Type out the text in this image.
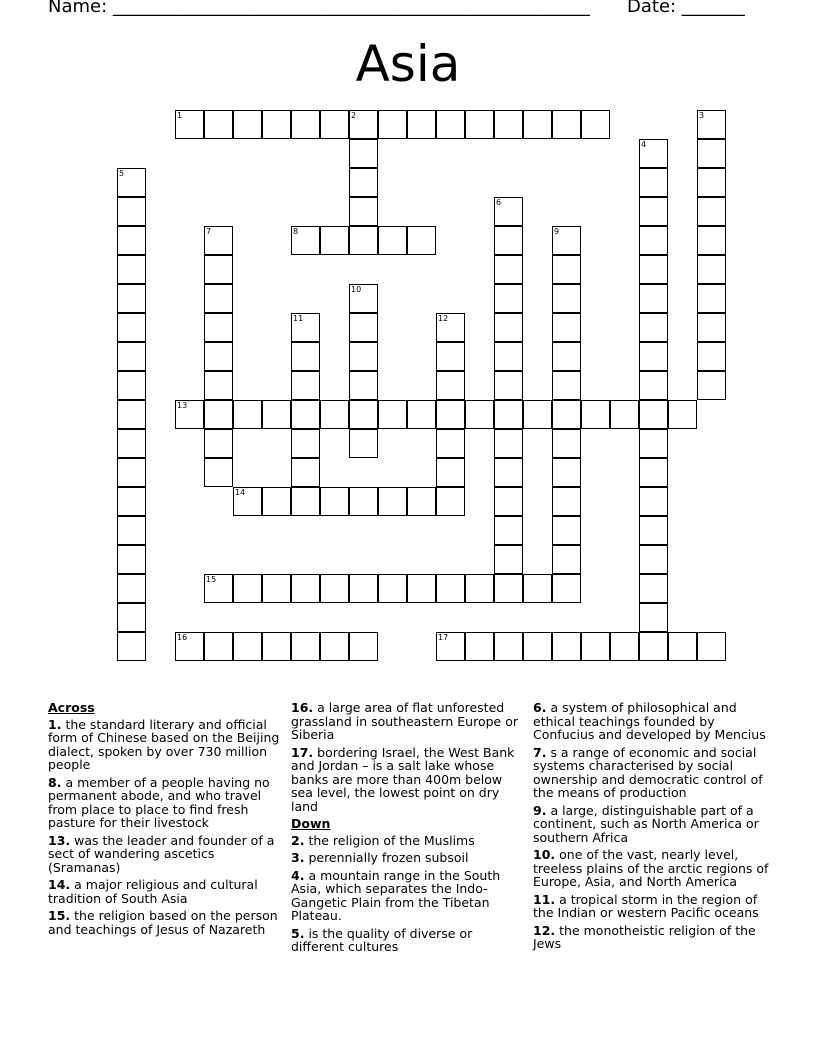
Name: _____________________________________________________ Date: _______
Asia
1
8
13
14
15
16	17
2	3
4
5
6
7	9
10
11	12
Across
1. the standard literary and official form of Chinese based on the Beijing dialect, spoken by over 730 million people
8. a member of a people having no permanent abode, and who travel from place to place to find fresh pasture for their livestock
13. was the leader and founder of a sect of wandering ascetics (Sramanas)
14. a major religious and cultural tradition of South Asia
15. the religion based on the person and teachings of Jesus of Nazareth
16. a large area of flat unforested grassland in southeastern Europe or Siberia
17. bordering Israel, the West Bank and Jordan – is a salt lake whose banks are more than 400m below sea level, the lowest point on dry land
Down
2. the religion of the Muslims
3. perennially frozen subsoil
4. a mountain range in the South Asia, which separates the Indo-Gangetic Plain from the Tibetan Plateau.
5. is the quality of diverse or different cultures
6. a system of philosophical and ethical teachings founded by Confucius and developed by Mencius
7. s a range of economic and social systems characterised by social ownership and democratic control of the means of production
9. a large, distinguishable part of a continent, such as North America or southern Africa
10. one of the vast, nearly level, treeless plains of the arctic regions of Europe, Asia, and North America
11. a tropical storm in the region of the Indian or western Pacific oceans
12. the monotheistic religion of the Jews
